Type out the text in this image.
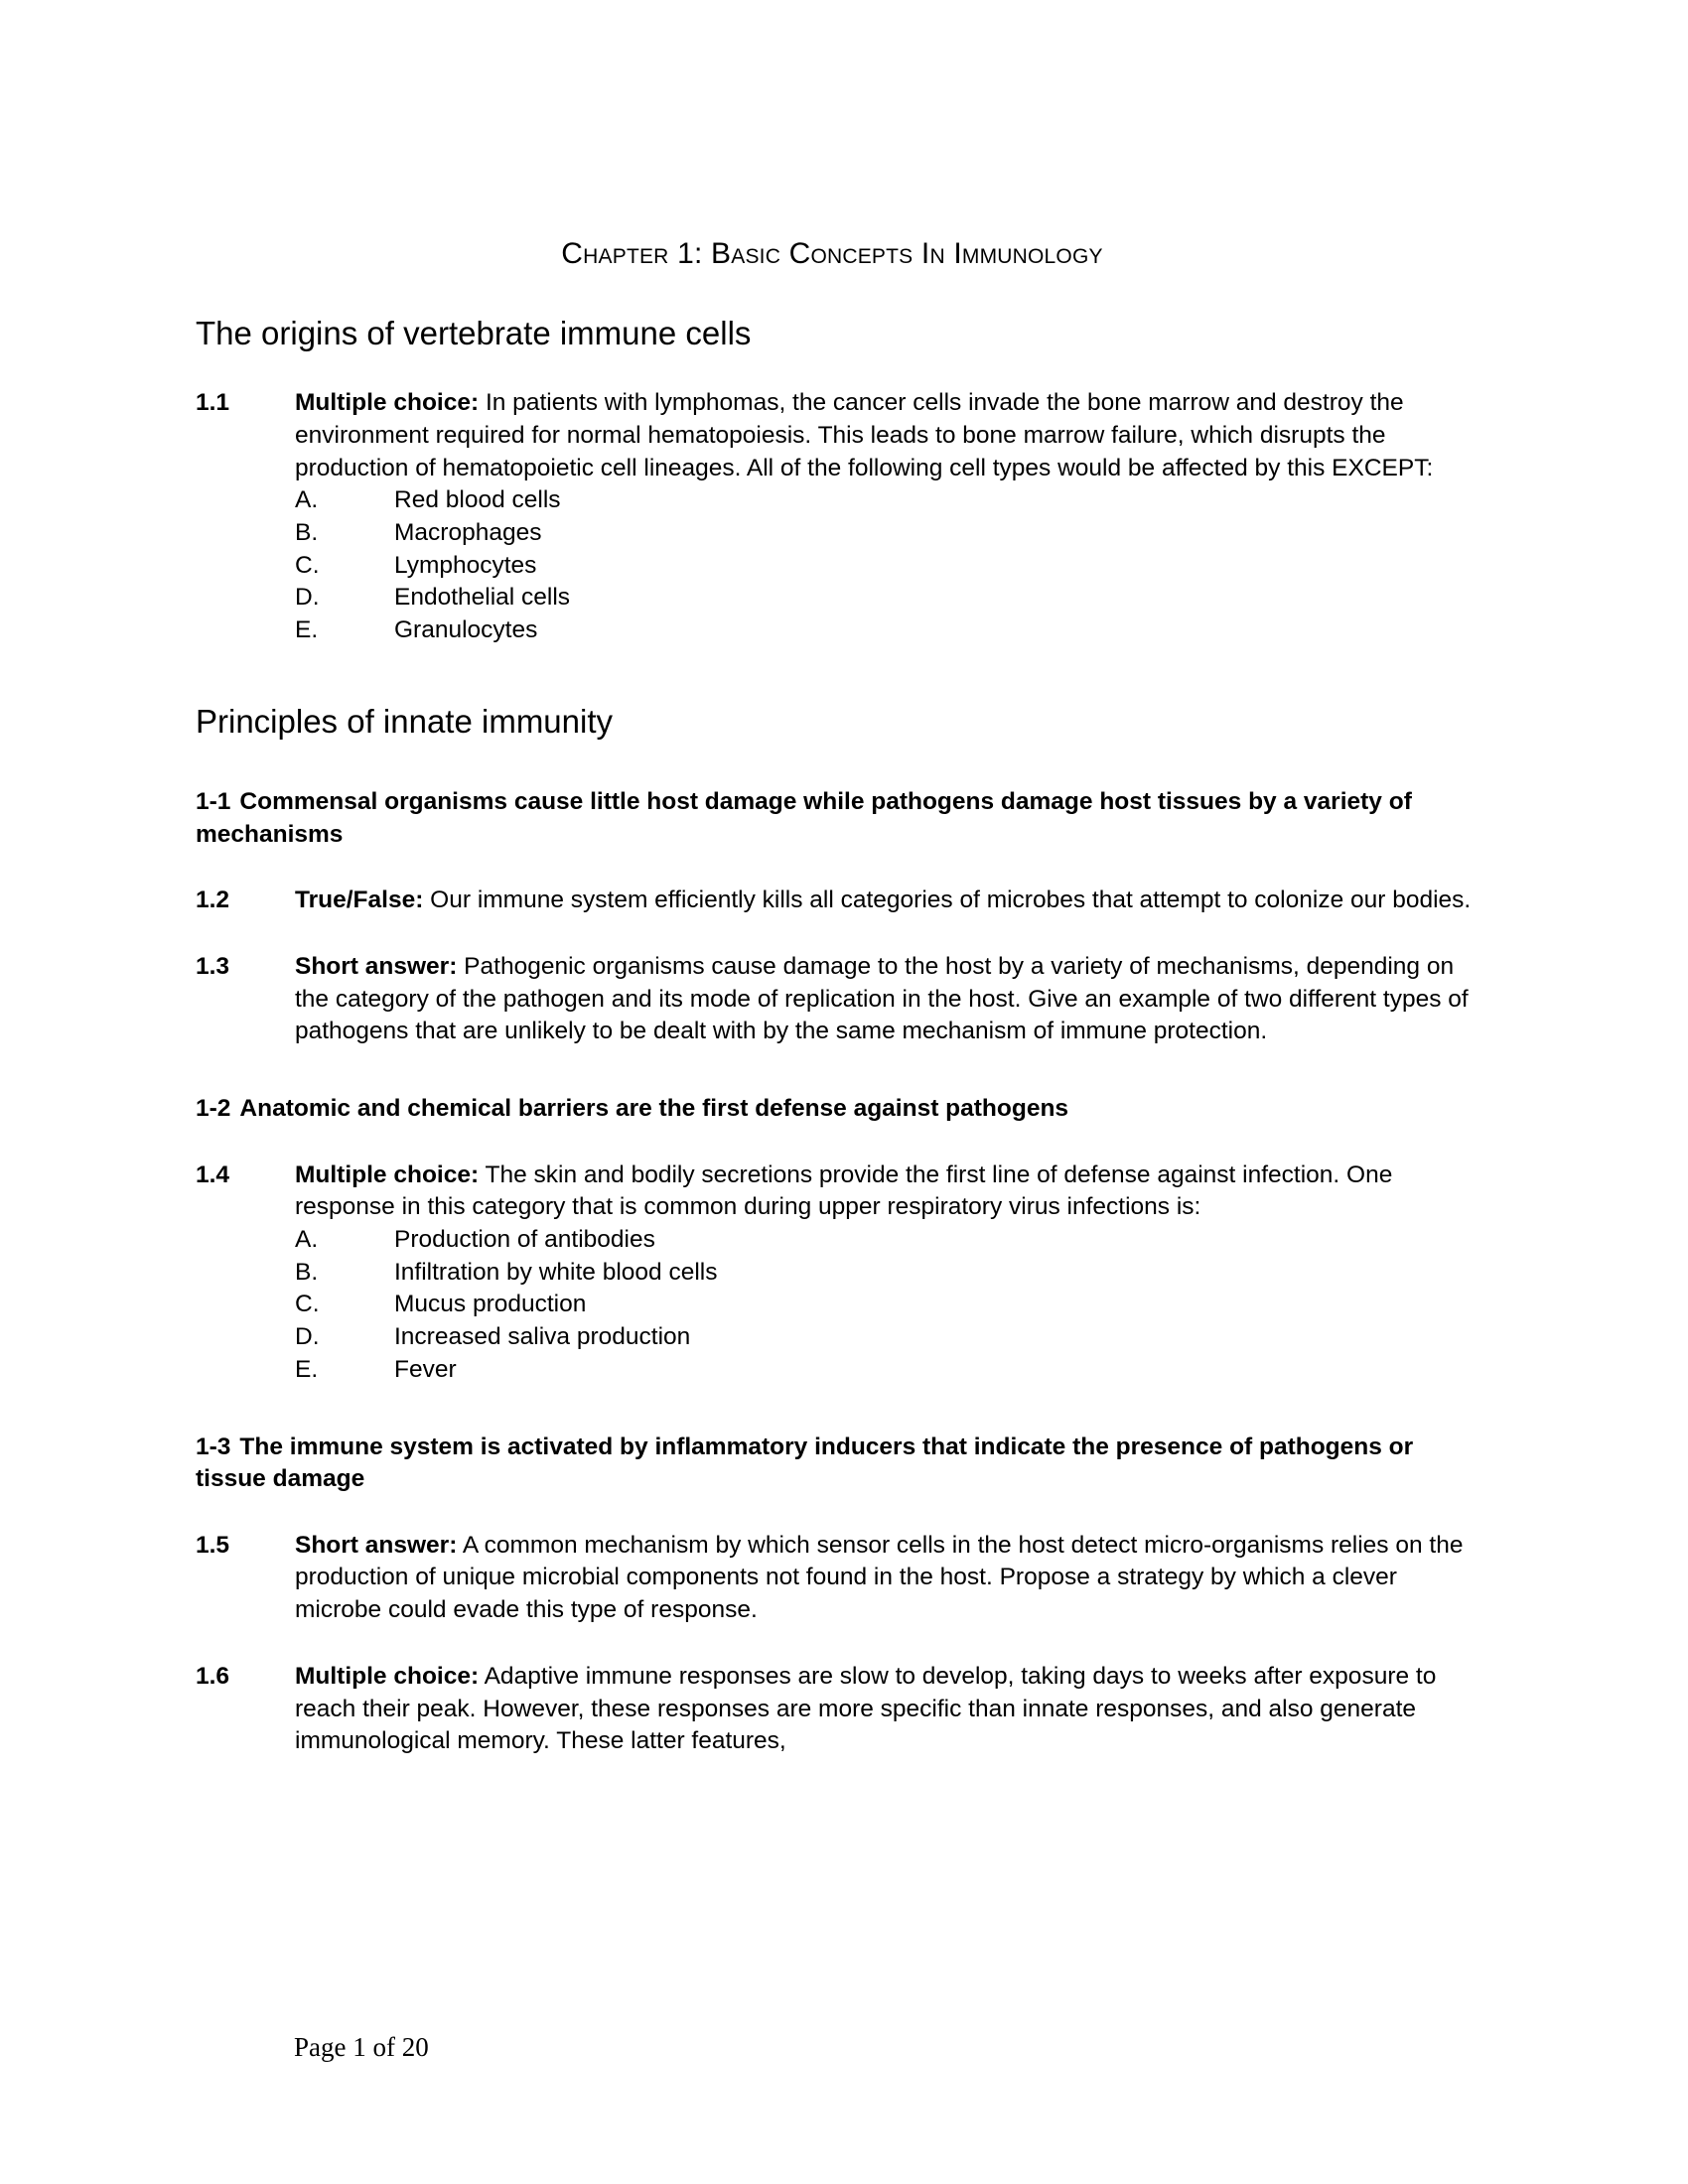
Chapter 1: Basic Concepts In Immunology
The origins of vertebrate immune cells
1.1	Multiple choice: In patients with lymphomas, the cancer cells invade the bone marrow and destroy the environment required for normal hematopoiesis. This leads to bone marrow failure, which disrupts the production of hematopoietic cell lineages. All of the following cell types would be affected by this EXCEPT:

A.	Red blood cells
B.	Macrophages
C.	Lymphocytes
D.	Endothelial cells
E.	Granulocytes
Principles of innate immunity
1-1 Commensal organisms cause little host damage while pathogens damage host tissues by a variety of mechanisms
1.2	True/False: Our immune system efficiently kills all categories of microbes that attempt to colonize our bodies.

1.3	Short answer: Pathogenic organisms cause damage to the host by a variety of mechanisms, depending on the category of the pathogen and its mode of replication in the host. Give an example of two different types of pathogens that are unlikely to be dealt with by the same mechanism of immune protection.

1-2 Anatomic and chemical barriers are the first defense against pathogens
1.4	Multiple choice: The skin and bodily secretions provide the first line of defense against infection. One response in this category that is common during upper respiratory virus infections is:

A.	Production of antibodies
B.	Infiltration by white blood cells
C.	Mucus production
D.	Increased saliva production
E.	Fever
1-3 The immune system is activated by inflammatory inducers that indicate the presence of pathogens or tissue damage
1.5	Short answer: A common mechanism by which sensor cells in the host detect micro-organisms relies on the production of unique microbial components not found in the host. Propose a strategy by which a clever microbe could evade this type of response.

1.6	Multiple choice: Adaptive immune responses are slow to develop, taking days to weeks after exposure to reach their peak. However, these responses are more specific than innate responses, and also generate immunological memory. These latter features,

Page 1 of 20
